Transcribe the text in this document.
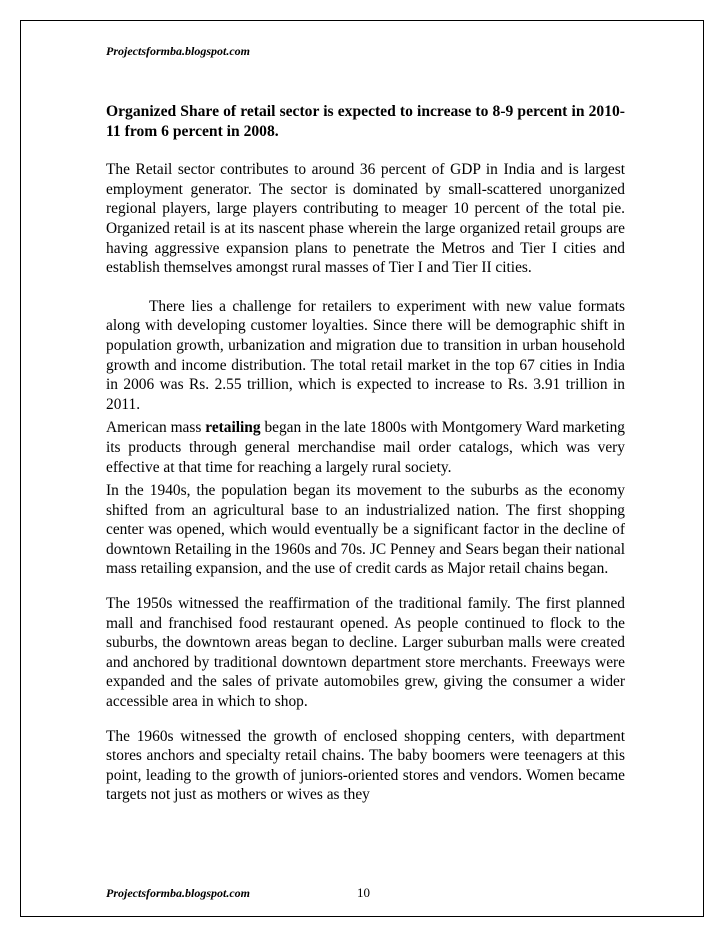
Projectsformba.blogspot.com

Organized Share of retail sector is expected to increase to 8-9 percent in 2010-11 from 6 percent in 2008.

The Retail sector contributes to around 36 percent of GDP in India and is largest employment generator. The sector is dominated by small-scattered unorganized regional players, large players contributing to meager 10 percent of the total pie. Organized retail is at its nascent phase wherein the large organized retail groups are having aggressive expansion plans to penetrate the Metros and Tier I cities and establish themselves amongst rural masses of Tier I and Tier II cities.

There lies a challenge for retailers to experiment with new value formats along with developing customer loyalties. Since there will be demographic shift in population growth, urbanization and migration due to transition in urban household growth and income distribution. The total retail market in the top 67 cities in India in 2006 was Rs. 2.55 trillion, which is expected to increase to Rs. 3.91 trillion in 2011.

American mass retailing began in the late 1800s with Montgomery Ward marketing its products through general merchandise mail order catalogs, which was very effective at that time for reaching a largely rural society.

In the 1940s, the population began its movement to the suburbs as the economy shifted from an agricultural base to an industrialized nation. The first shopping center was opened, which would eventually be a significant factor in the decline of downtown Retailing in the 1960s and 70s. JC Penney and Sears began their national mass retailing expansion, and the use of credit cards as Major retail chains began.

The 1950s witnessed the reaffirmation of the traditional family. The first planned mall and franchised food restaurant opened. As people continued to flock to the suburbs, the downtown areas began to decline. Larger suburban malls were created and anchored by traditional downtown department store merchants. Freeways were expanded and the sales of private automobiles grew, giving the consumer a wider accessible area in which to shop.

The 1960s witnessed the growth of enclosed shopping centers, with department stores anchors and specialty retail chains. The baby boomers were teenagers at this point, leading to the growth of juniors-oriented stores and vendors. Women became targets not just as mothers or wives as they

Projectsformba.blogspot.com	10
